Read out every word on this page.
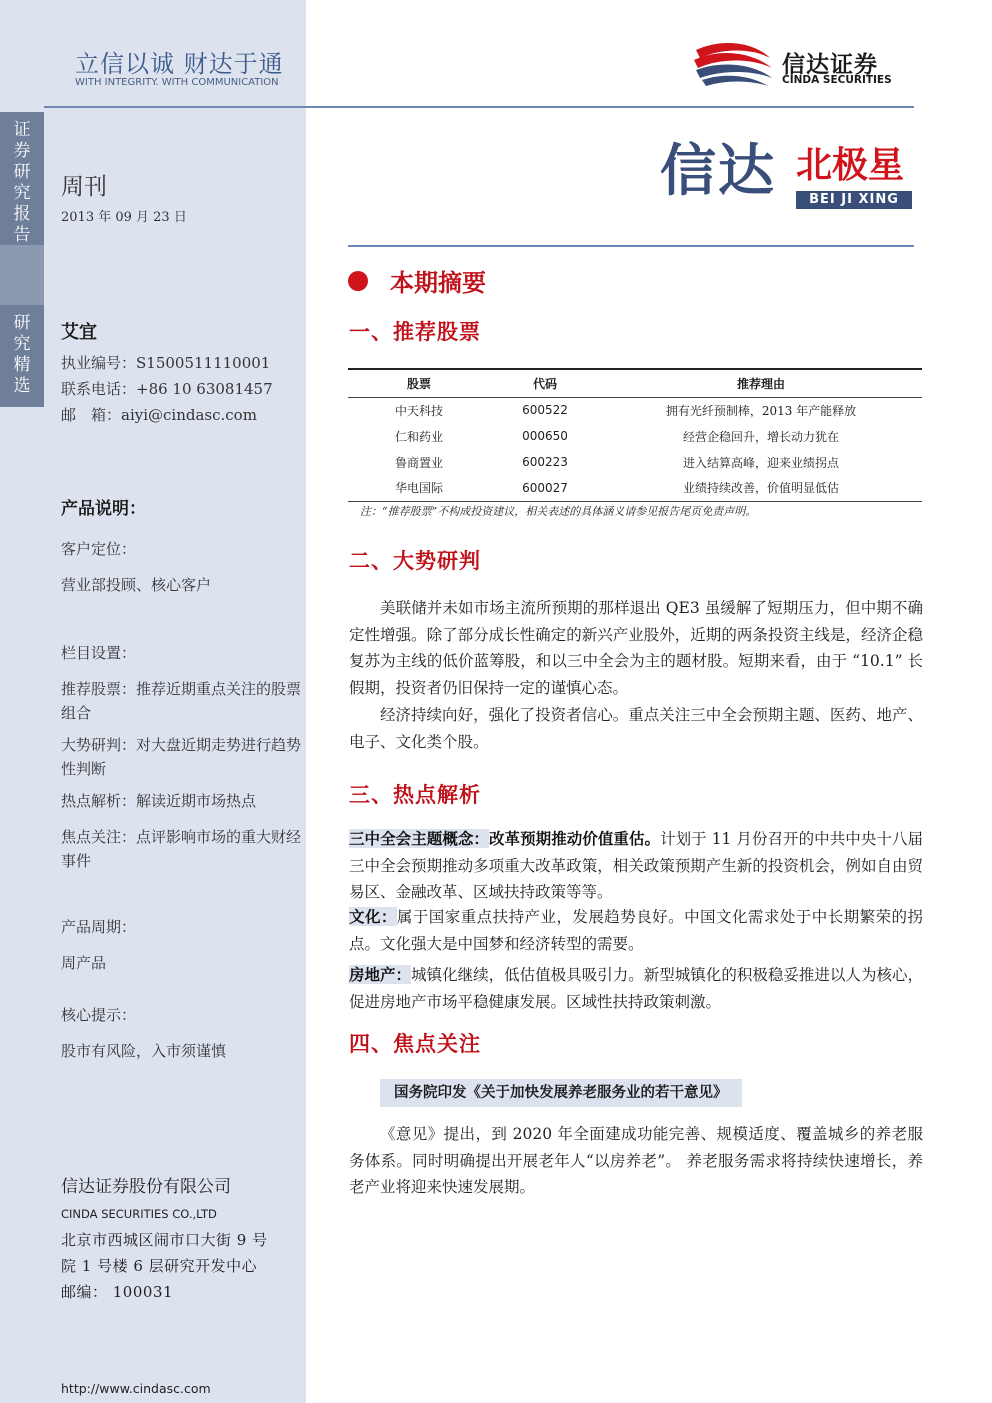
证券研究报告
研究精选
立信以诚 财达于通
WITH INTEGRITY. WITH COMMUNICATION
周刊
2013 年 09 月 23 日
艾宜
执业编号：S1500511110001
联系电话：+86 10 63081457
邮　箱：aiyi@cindasc.com
产品说明：
客户定位：
营业部投顾、核心客户
栏目设置：
推荐股票：推荐近期重点关注的股票组合
大势研判：对大盘近期走势进行趋势性判断
热点解析：解读近期市场热点
焦点关注：点评影响市场的重大财经事件
产品周期：
周产品
核心提示：
股市有风险，入市须谨慎
信达证券股份有限公司
CINDA SECURITIES CO.,LTD
北京市西城区闹市口大街 9 号
院 1 号楼 6 层研究开发中心
邮编： 100031
http://www.cindasc.com
信达证券
CINDA SECURITIES
信达 北极星
BEI JI XING
本期摘要
一、推荐股票
股票	代码	推荐理由
中天科技	600522	拥有光纤预制棒，2013 年产能释放
仁和药业	000650	经营企稳回升，增长动力犹在
鲁商置业	600223	进入结算高峰，迎来业绩拐点
华电国际	600027	业绩持续改善，价值明显低估
注：“推荐股票”不构成投资建议，相关表述的具体涵义请参见报告尾页免责声明。
二、大势研判
美联储并未如市场主流所预期的那样退出 QE3 虽缓解了短期压力，但中期不确定性增强。除了部分成长性确定的新兴产业股外，近期的两条投资主线是，经济企稳复苏为主线的低价蓝筹股，和以三中全会为主的题材股。短期来看，由于 “10.1” 长假期，投资者仍旧保持一定的谨慎心态。
经济持续向好，强化了投资者信心。重点关注三中全会预期主题、医药、地产、电子、文化类个股。
三、热点解析
三中全会主题概念：改革预期推动价值重估。计划于 11 月份召开的中共中央十八届三中全会预期推动多项重大改革政策，相关政策预期产生新的投资机会，例如自由贸易区、金融改革、区域扶持政策等等。
文化：属于国家重点扶持产业，发展趋势良好。中国文化需求处于中长期繁荣的拐点。文化强大是中国梦和经济转型的需要。
房地产：城镇化继续，低估值极具吸引力。新型城镇化的积极稳妥推进以人为核心，促进房地产市场平稳健康发展。区域性扶持政策刺激。
四、焦点关注
国务院印发《关于加快发展养老服务业的若干意见》
《意见》提出，到 2020 年全面建成功能完善、规模适度、覆盖城乡的养老服务体系。同时明确提出开展老年人“以房养老”。 养老服务需求将持续快速增长，养老产业将迎来快速发展期。
